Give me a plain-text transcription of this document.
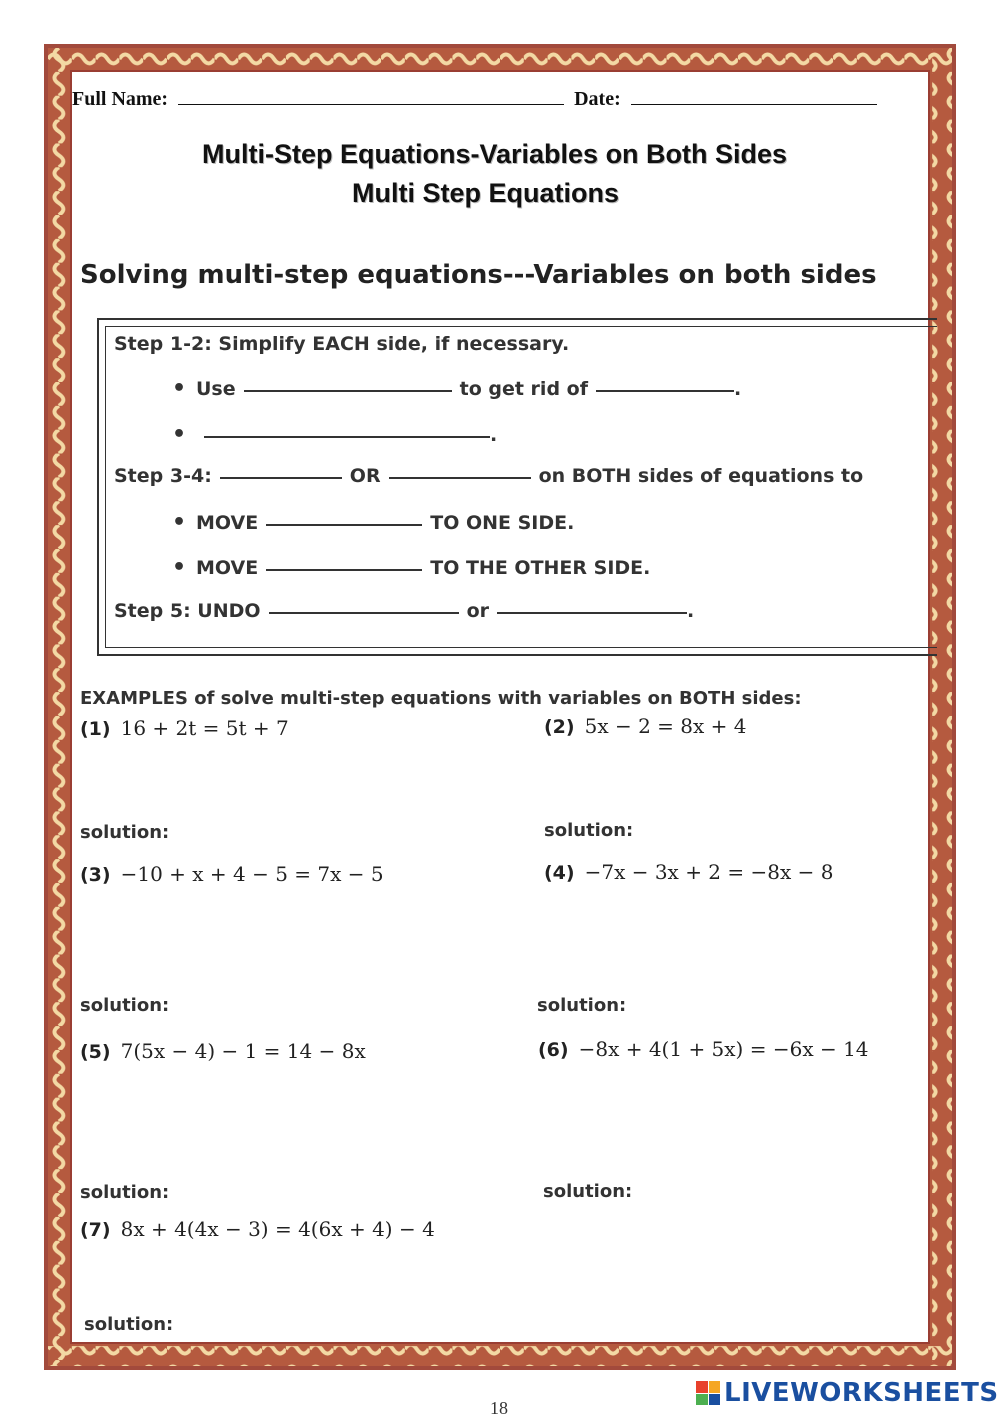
Full Name:	Date:
Multi-Step Equations-Variables on Both Sides
Multi Step Equations
Solving multi-step equations---Variables on both sides
Step 1-2: Simplify EACH side, if necessary.
• Use	to get rid of	.
•	.
Step 3-4:	OR	on BOTH sides of equations to
• MOVE	TO ONE SIDE.
• MOVE	TO THE OTHER SIDE.
Step 5: UNDO	or	.
EXAMPLES of solve multi-step equations with variables on BOTH sides:
(1) 16 + 2t = 5t + 7	(2) 5x − 2 = 8x + 4
solution:	solution:
(3) −10 + x + 4 − 5 = 7x − 5	(4) −7x − 3x + 2 = −8x − 8
solution:	solution:
(5) 7(5x − 4) − 1 = 14 − 8x	(6) −8x + 4(1 + 5x) = −6x − 14
solution:	solution:
(7) 8x + 4(4x − 3) = 4(6x + 4) − 4
solution:
18	LIVEWORKSHEETS
